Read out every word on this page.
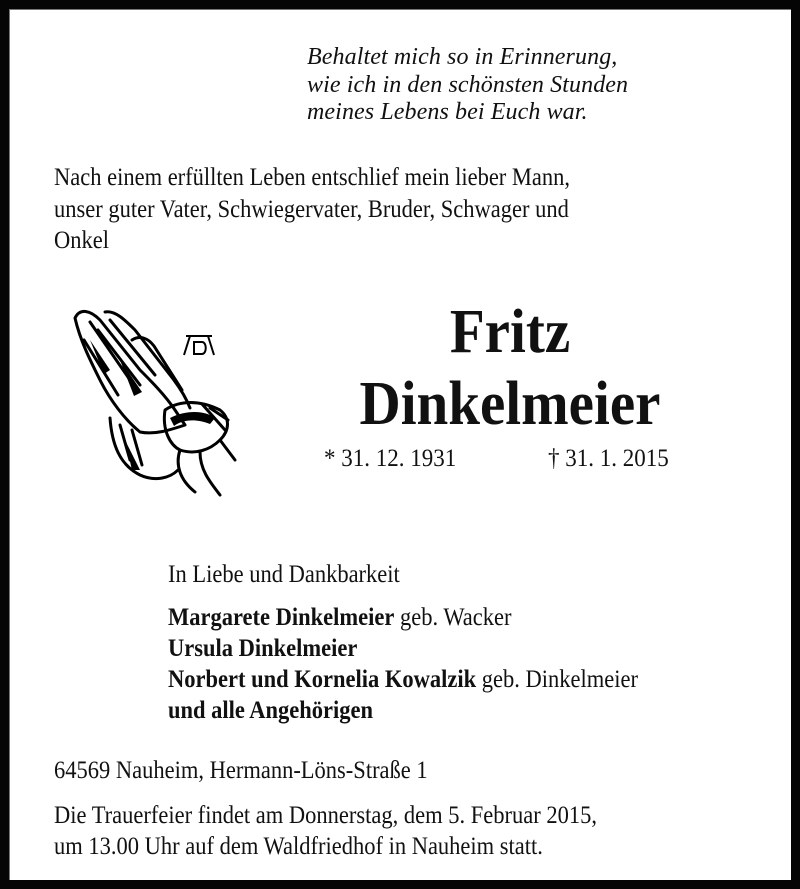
Behaltet mich so in Erinnerung,
wie ich in den schönsten Stunden
meines Lebens bei Euch war.
Nach einem erfüllten Leben entschlief mein lieber Mann,
unser guter Vater, Schwiegervater, Bruder, Schwager und
Onkel
Fritz
Dinkelmeier
* 31. 12. 1931	† 31. 1. 2015
In Liebe und Dankbarkeit
Margarete Dinkelmeier geb. Wacker
Ursula Dinkelmeier
Norbert und Kornelia Kowalzik geb. Dinkelmeier
und alle Angehörigen
64569 Nauheim, Hermann-Löns-Straße 1
Die Trauerfeier findet am Donnerstag, dem 5. Februar 2015,
um 13.00 Uhr auf dem Waldfriedhof in Nauheim statt.
